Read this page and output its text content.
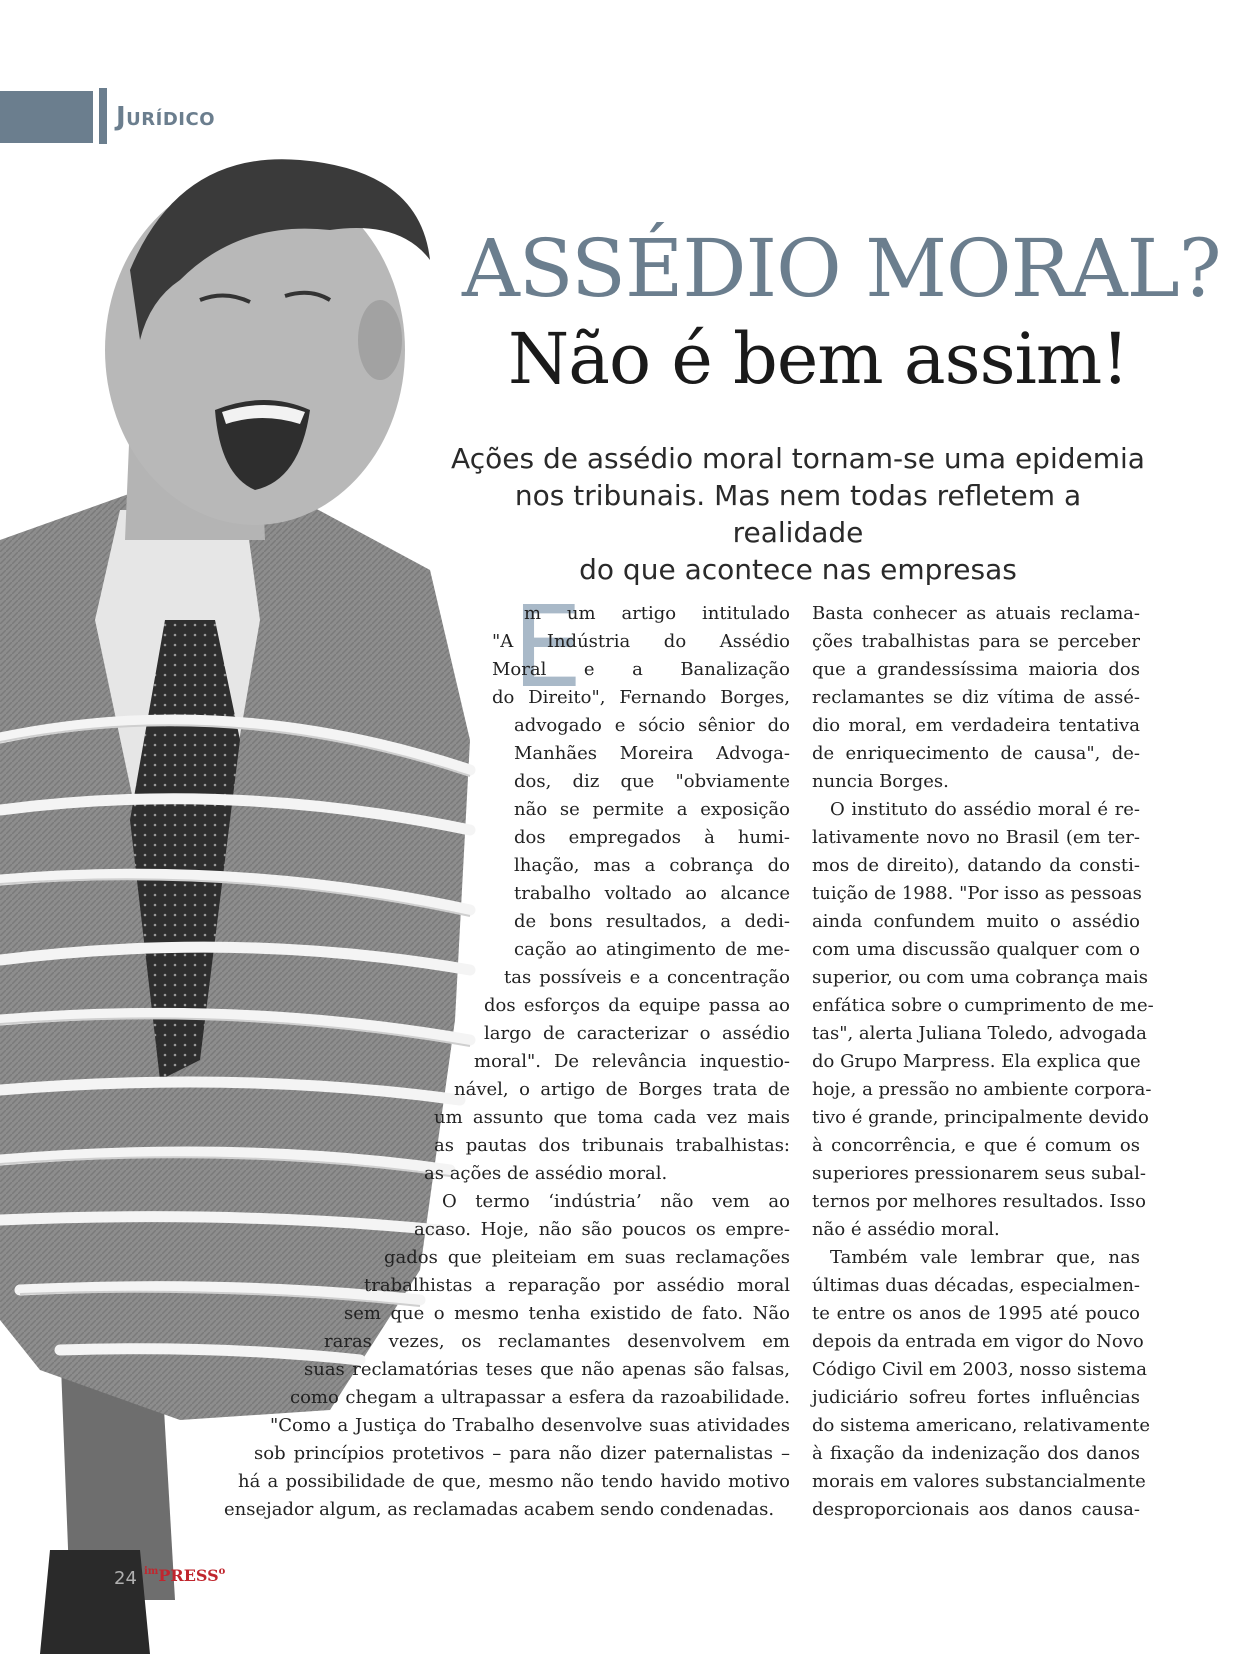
Jurídico
ASSÉDIO MORAL?
Não é bem assim!
Ações de assédio moral tornam-se uma epidemia
nos tribunais. Mas nem todas refletem a realidade
do que acontece nas empresas
E
m um artigo intitulado
"A Indústria do Assédio
Moral e a Banalização
do Direito", Fernando Borges,
advogado e sócio sênior do
Manhães Moreira Advoga-
dos, diz que "obviamente
não se permite a exposição
dos empregados à humi-
lhação, mas a cobrança do
trabalho voltado ao alcance
de bons resultados, a dedi-
cação ao atingimento de me-
tas possíveis e a concentração
dos esforços da equipe passa ao
largo de caracterizar o assédio
moral". De relevância inquestio-
nável, o artigo de Borges trata de
um assunto que toma cada vez mais
as pautas dos tribunais trabalhistas:
as ações de assédio moral.
O termo ‘indústria’ não vem ao
acaso. Hoje, não são poucos os empre-
gados que pleiteiam em suas reclamações
trabalhistas a reparação por assédio moral
sem que o mesmo tenha existido de fato. Não
raras vezes, os reclamantes desenvolvem em
suas reclamatórias teses que não apenas são falsas,
como chegam a ultrapassar a esfera da razoabilidade.
"Como a Justiça do Trabalho desenvolve suas atividades
sob princípios protetivos – para não dizer paternalistas –
há a possibilidade de que, mesmo não tendo havido motivo
ensejador algum, as reclamadas acabem sendo condenadas.
Basta conhecer as atuais reclama-
ções trabalhistas para se perceber
que a grandessíssima maioria dos
reclamantes se diz vítima de assé-
dio moral, em verdadeira tentativa
de enriquecimento de causa", de-
nuncia Borges.
O instituto do assédio moral é re-
lativamente novo no Brasil (em ter-
mos de direito), datando da consti-
tuição de 1988. "Por isso as pessoas
ainda confundem muito o assédio
com uma discussão qualquer com o
superior, ou com uma cobrança mais
enfática sobre o cumprimento de me-
tas", alerta Juliana Toledo, advogada
do Grupo Marpress. Ela explica que
hoje, a pressão no ambiente corpora-
tivo é grande, principalmente devido
à concorrência, e que é comum os
superiores pressionarem seus subal-
ternos por melhores resultados. Isso
não é assédio moral.
Também vale lembrar que, nas
últimas duas décadas, especialmen-
te entre os anos de 1995 até pouco
depois da entrada em vigor do Novo
Código Civil em 2003, nosso sistema
judiciário sofreu fortes influências
do sistema americano, relativamente
à fixação da indenização dos danos
morais em valores substancialmente
desproporcionais aos danos causa-
24 $^{im}$PRESS$^o$
